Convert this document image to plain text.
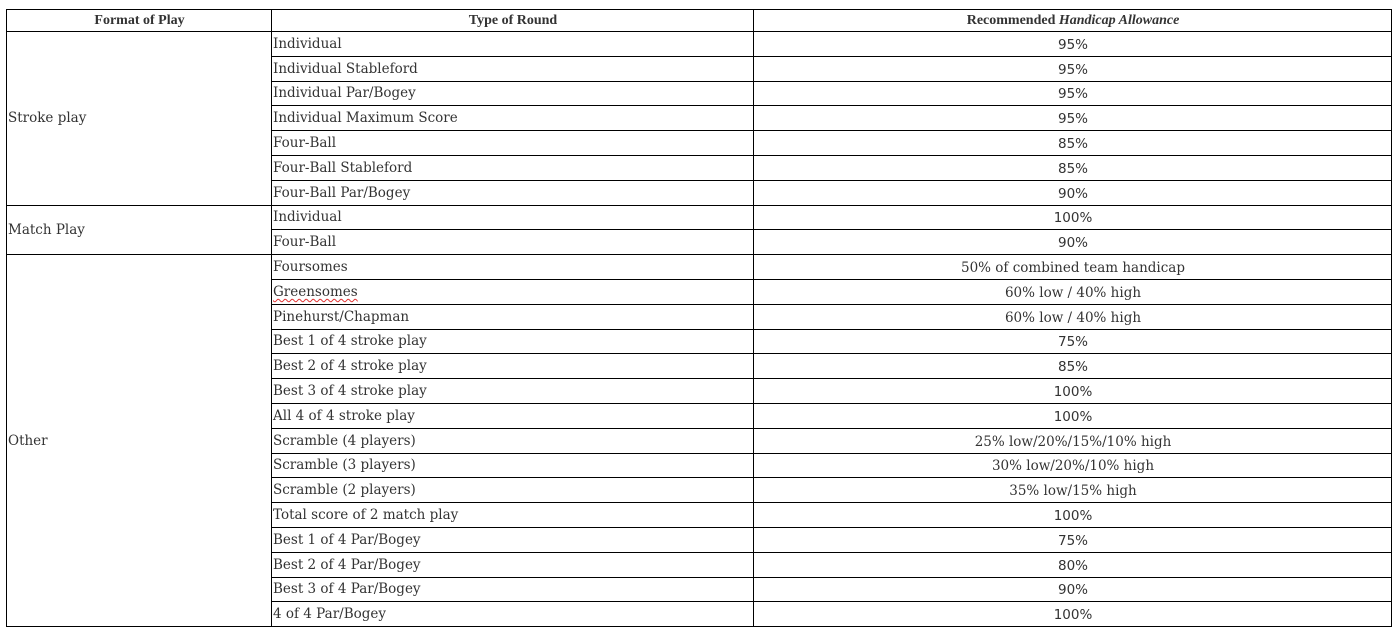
Format of Play	Type of Round	Recommended Handicap Allowance
Stroke play	Individual	95%
	Individual Stableford	95%
	Individual Par/Bogey	95%
	Individual Maximum Score	95%
	Four-Ball	85%
	Four-Ball Stableford	85%
	Four-Ball Par/Bogey	90%
Match Play	Individual	100%
	Four-Ball	90%
Other	Foursomes	50% of combined team handicap
	Greensomes	60% low / 40% high
	Pinehurst/Chapman	60% low / 40% high
	Best 1 of 4 stroke play	75%
	Best 2 of 4 stroke play	85%
	Best 3 of 4 stroke play	100%
	All 4 of 4 stroke play	100%
	Scramble (4 players)	25% low/20%/15%/10% high
	Scramble (3 players)	30% low/20%/10% high
	Scramble (2 players)	35% low/15% high
	Total score of 2 match play	100%
	Best 1 of 4 Par/Bogey	75%
	Best 2 of 4 Par/Bogey	80%
	Best 3 of 4 Par/Bogey	90%
	4 of 4 Par/Bogey	100%
